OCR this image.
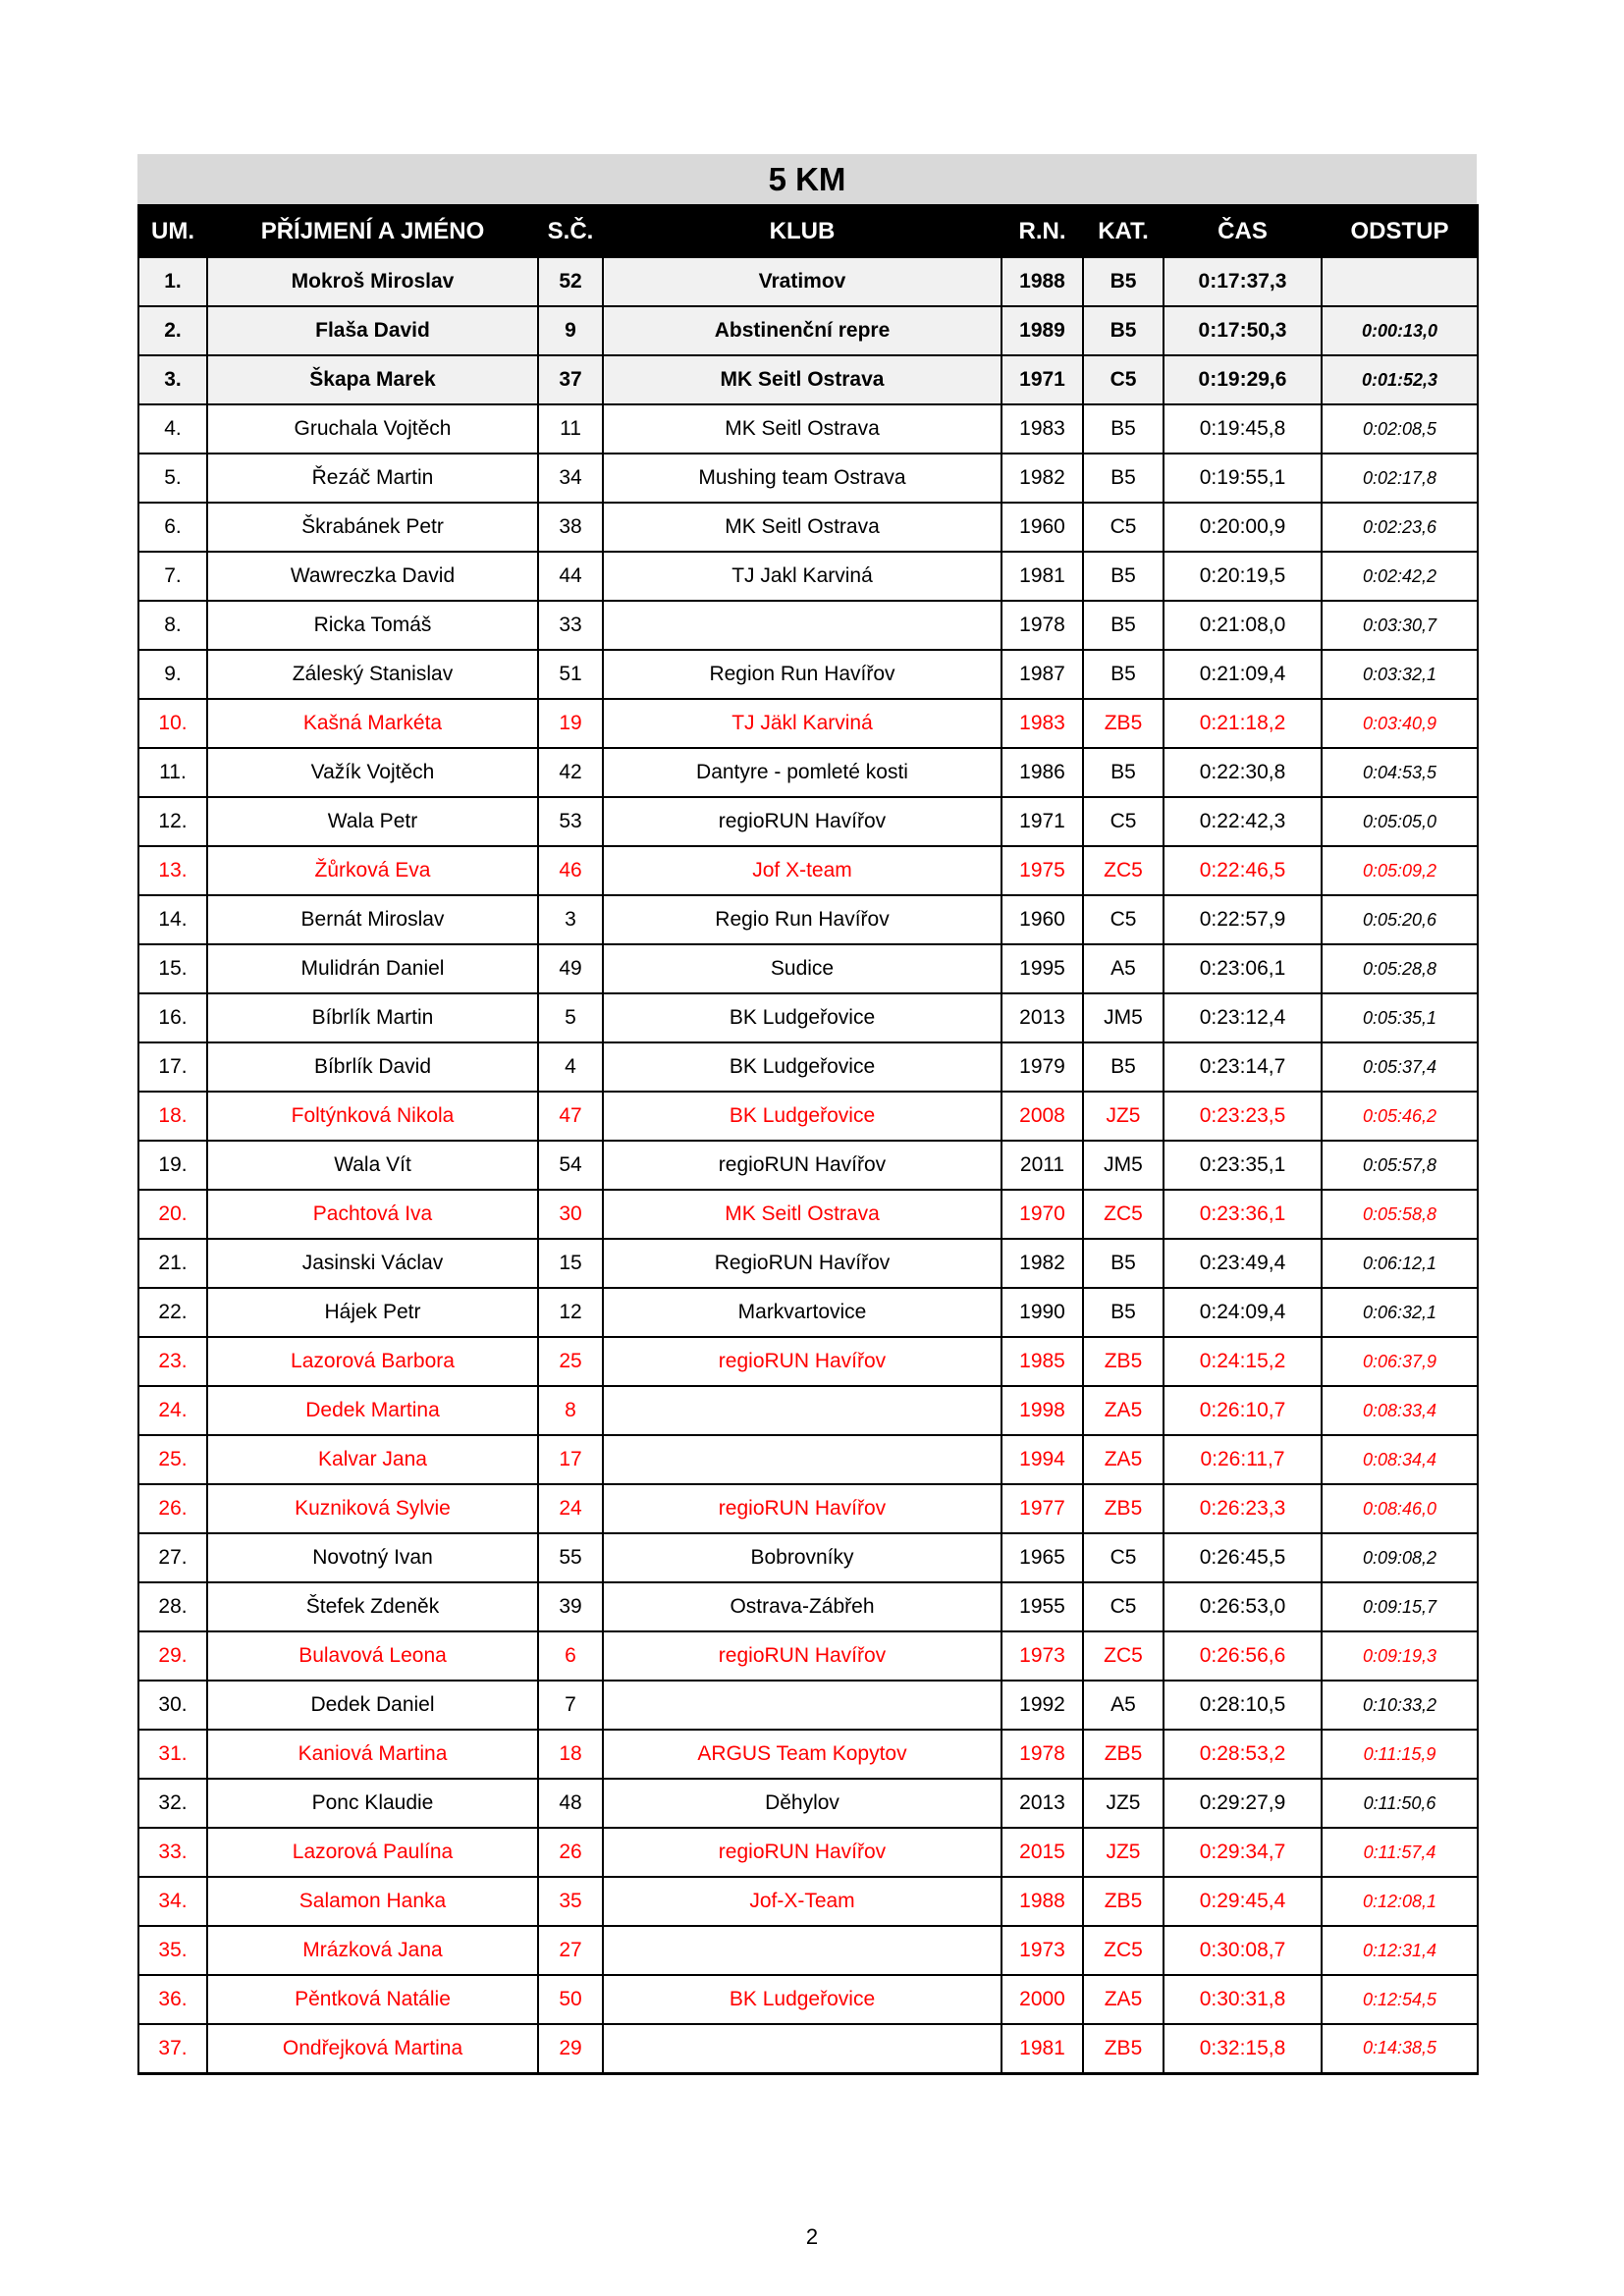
5 KM
UM.	PŘÍJMENÍ A JMÉNO	S.Č.	KLUB	R.N.	KAT.	ČAS	ODSTUP
1.	Mokroš Miroslav	52	Vratimov	1988	B5	0:17:37,3	
2.	Flaša David	9	Abstinenční repre	1989	B5	0:17:50,3	0:00:13,0
3.	Škapa Marek	37	MK Seitl Ostrava	1971	C5	0:19:29,6	0:01:52,3
4.	Gruchala Vojtěch	11	MK Seitl Ostrava	1983	B5	0:19:45,8	0:02:08,5
5.	Řezáč Martin	34	Mushing team Ostrava	1982	B5	0:19:55,1	0:02:17,8
6.	Škrabánek Petr	38	MK Seitl Ostrava	1960	C5	0:20:00,9	0:02:23,6
7.	Wawreczka David	44	TJ Jakl Karviná	1981	B5	0:20:19,5	0:02:42,2
8.	Ricka Tomáš	33		1978	B5	0:21:08,0	0:03:30,7
9.	Záleský Stanislav	51	Region Run Havířov	1987	B5	0:21:09,4	0:03:32,1
10.	Kašná Markéta	19	TJ Jäkl Karviná	1983	ZB5	0:21:18,2	0:03:40,9
11.	Važík Vojtěch	42	Dantyre - pomleté kosti	1986	B5	0:22:30,8	0:04:53,5
12.	Wala Petr	53	regioRUN Havířov	1971	C5	0:22:42,3	0:05:05,0
13.	Žůrková Eva	46	Jof X-team	1975	ZC5	0:22:46,5	0:05:09,2
14.	Bernát Miroslav	3	Regio Run Havířov	1960	C5	0:22:57,9	0:05:20,6
15.	Mulidrán Daniel	49	Sudice	1995	A5	0:23:06,1	0:05:28,8
16.	Bíbrlík Martin	5	BK Ludgeřovice	2013	JM5	0:23:12,4	0:05:35,1
17.	Bíbrlík David	4	BK Ludgeřovice	1979	B5	0:23:14,7	0:05:37,4
18.	Foltýnková Nikola	47	BK Ludgeřovice	2008	JZ5	0:23:23,5	0:05:46,2
19.	Wala Vít	54	regioRUN Havířov	2011	JM5	0:23:35,1	0:05:57,8
20.	Pachtová Iva	30	MK Seitl Ostrava	1970	ZC5	0:23:36,1	0:05:58,8
21.	Jasinski Václav	15	RegioRUN Havířov	1982	B5	0:23:49,4	0:06:12,1
22.	Hájek Petr	12	Markvartovice	1990	B5	0:24:09,4	0:06:32,1
23.	Lazorová Barbora	25	regioRUN Havířov	1985	ZB5	0:24:15,2	0:06:37,9
24.	Dedek Martina	8		1998	ZA5	0:26:10,7	0:08:33,4
25.	Kalvar Jana	17		1994	ZA5	0:26:11,7	0:08:34,4
26.	Kuzniková Sylvie	24	regioRUN Havířov	1977	ZB5	0:26:23,3	0:08:46,0
27.	Novotný Ivan	55	Bobrovníky	1965	C5	0:26:45,5	0:09:08,2
28.	Štefek Zdeněk	39	Ostrava-Zábřeh	1955	C5	0:26:53,0	0:09:15,7
29.	Bulavová Leona	6	regioRUN Havířov	1973	ZC5	0:26:56,6	0:09:19,3
30.	Dedek Daniel	7		1992	A5	0:28:10,5	0:10:33,2
31.	Kaniová Martina	18	ARGUS Team Kopytov	1978	ZB5	0:28:53,2	0:11:15,9
32.	Ponc Klaudie	48	Děhylov	2013	JZ5	0:29:27,9	0:11:50,6
33.	Lazorová Paulína	26	regioRUN Havířov	2015	JZ5	0:29:34,7	0:11:57,4
34.	Salamon Hanka	35	Jof-X-Team	1988	ZB5	0:29:45,4	0:12:08,1
35.	Mrázková Jana	27		1973	ZC5	0:30:08,7	0:12:31,4
36.	Pěntková Natálie	50	BK Ludgeřovice	2000	ZA5	0:30:31,8	0:12:54,5
37.	Ondřejková Martina	29		1981	ZB5	0:32:15,8	0:14:38,5
2
